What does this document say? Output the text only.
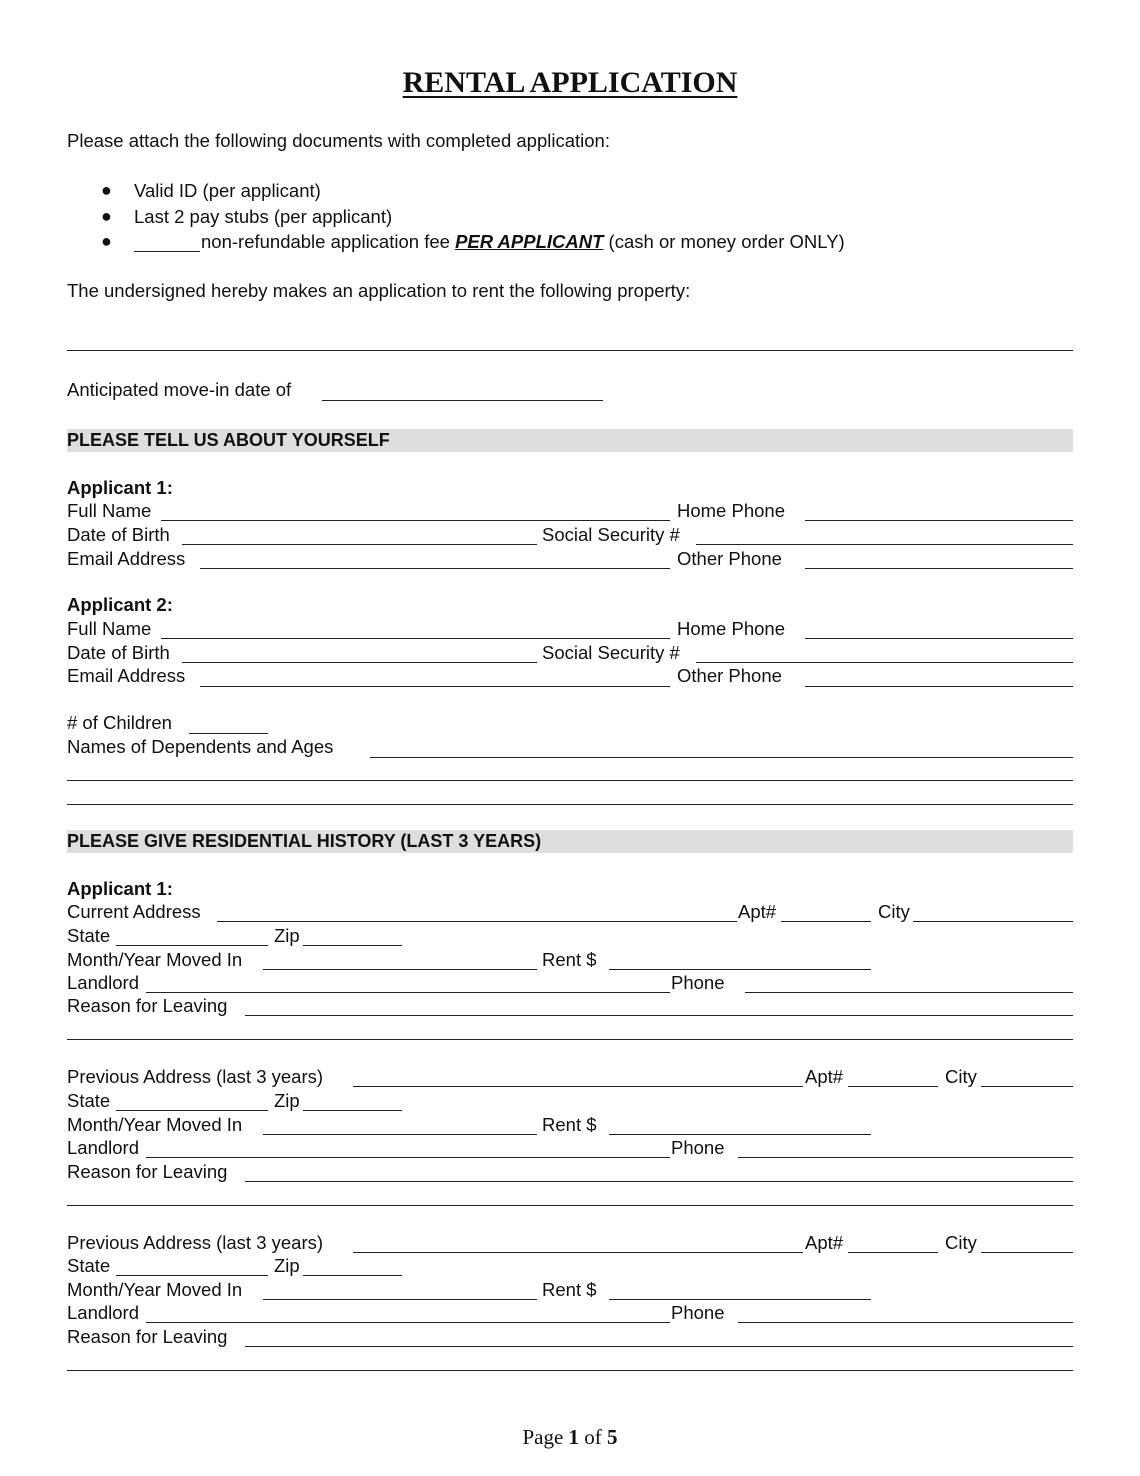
RENTAL APPLICATION
Please attach the following documents with completed application:
● Valid ID (per applicant)
● Last 2 pay stubs (per applicant)
●	non-refundable application fee PER APPLICANT (cash or money order ONLY)
The undersigned hereby makes an application to rent the following property:
Anticipated move-in date of
PLEASE TELL US ABOUT YOURSELF
Applicant 1:
Full Name	Home Phone
Date of Birth	Social Security #
Email Address	Other Phone
Applicant 2:
Full Name	Home Phone
Date of Birth	Social Security #
Email Address	Other Phone
# of Children
Names of Dependents and Ages
PLEASE GIVE RESIDENTIAL HISTORY (LAST 3 YEARS)
Applicant 1:
Current Address	Apt#	City
State	Zip
Month/Year Moved In	Rent $
Landlord	Phone
Reason for Leaving
Previous Address (last 3 years)	Apt#	City
State	Zip
Month/Year Moved In	Rent $
Landlord	Phone
Reason for Leaving
Previous Address (last 3 years)	Apt#	City
State	Zip
Month/Year Moved In	Rent $
Landlord	Phone
Reason for Leaving
Page 1 of 5
